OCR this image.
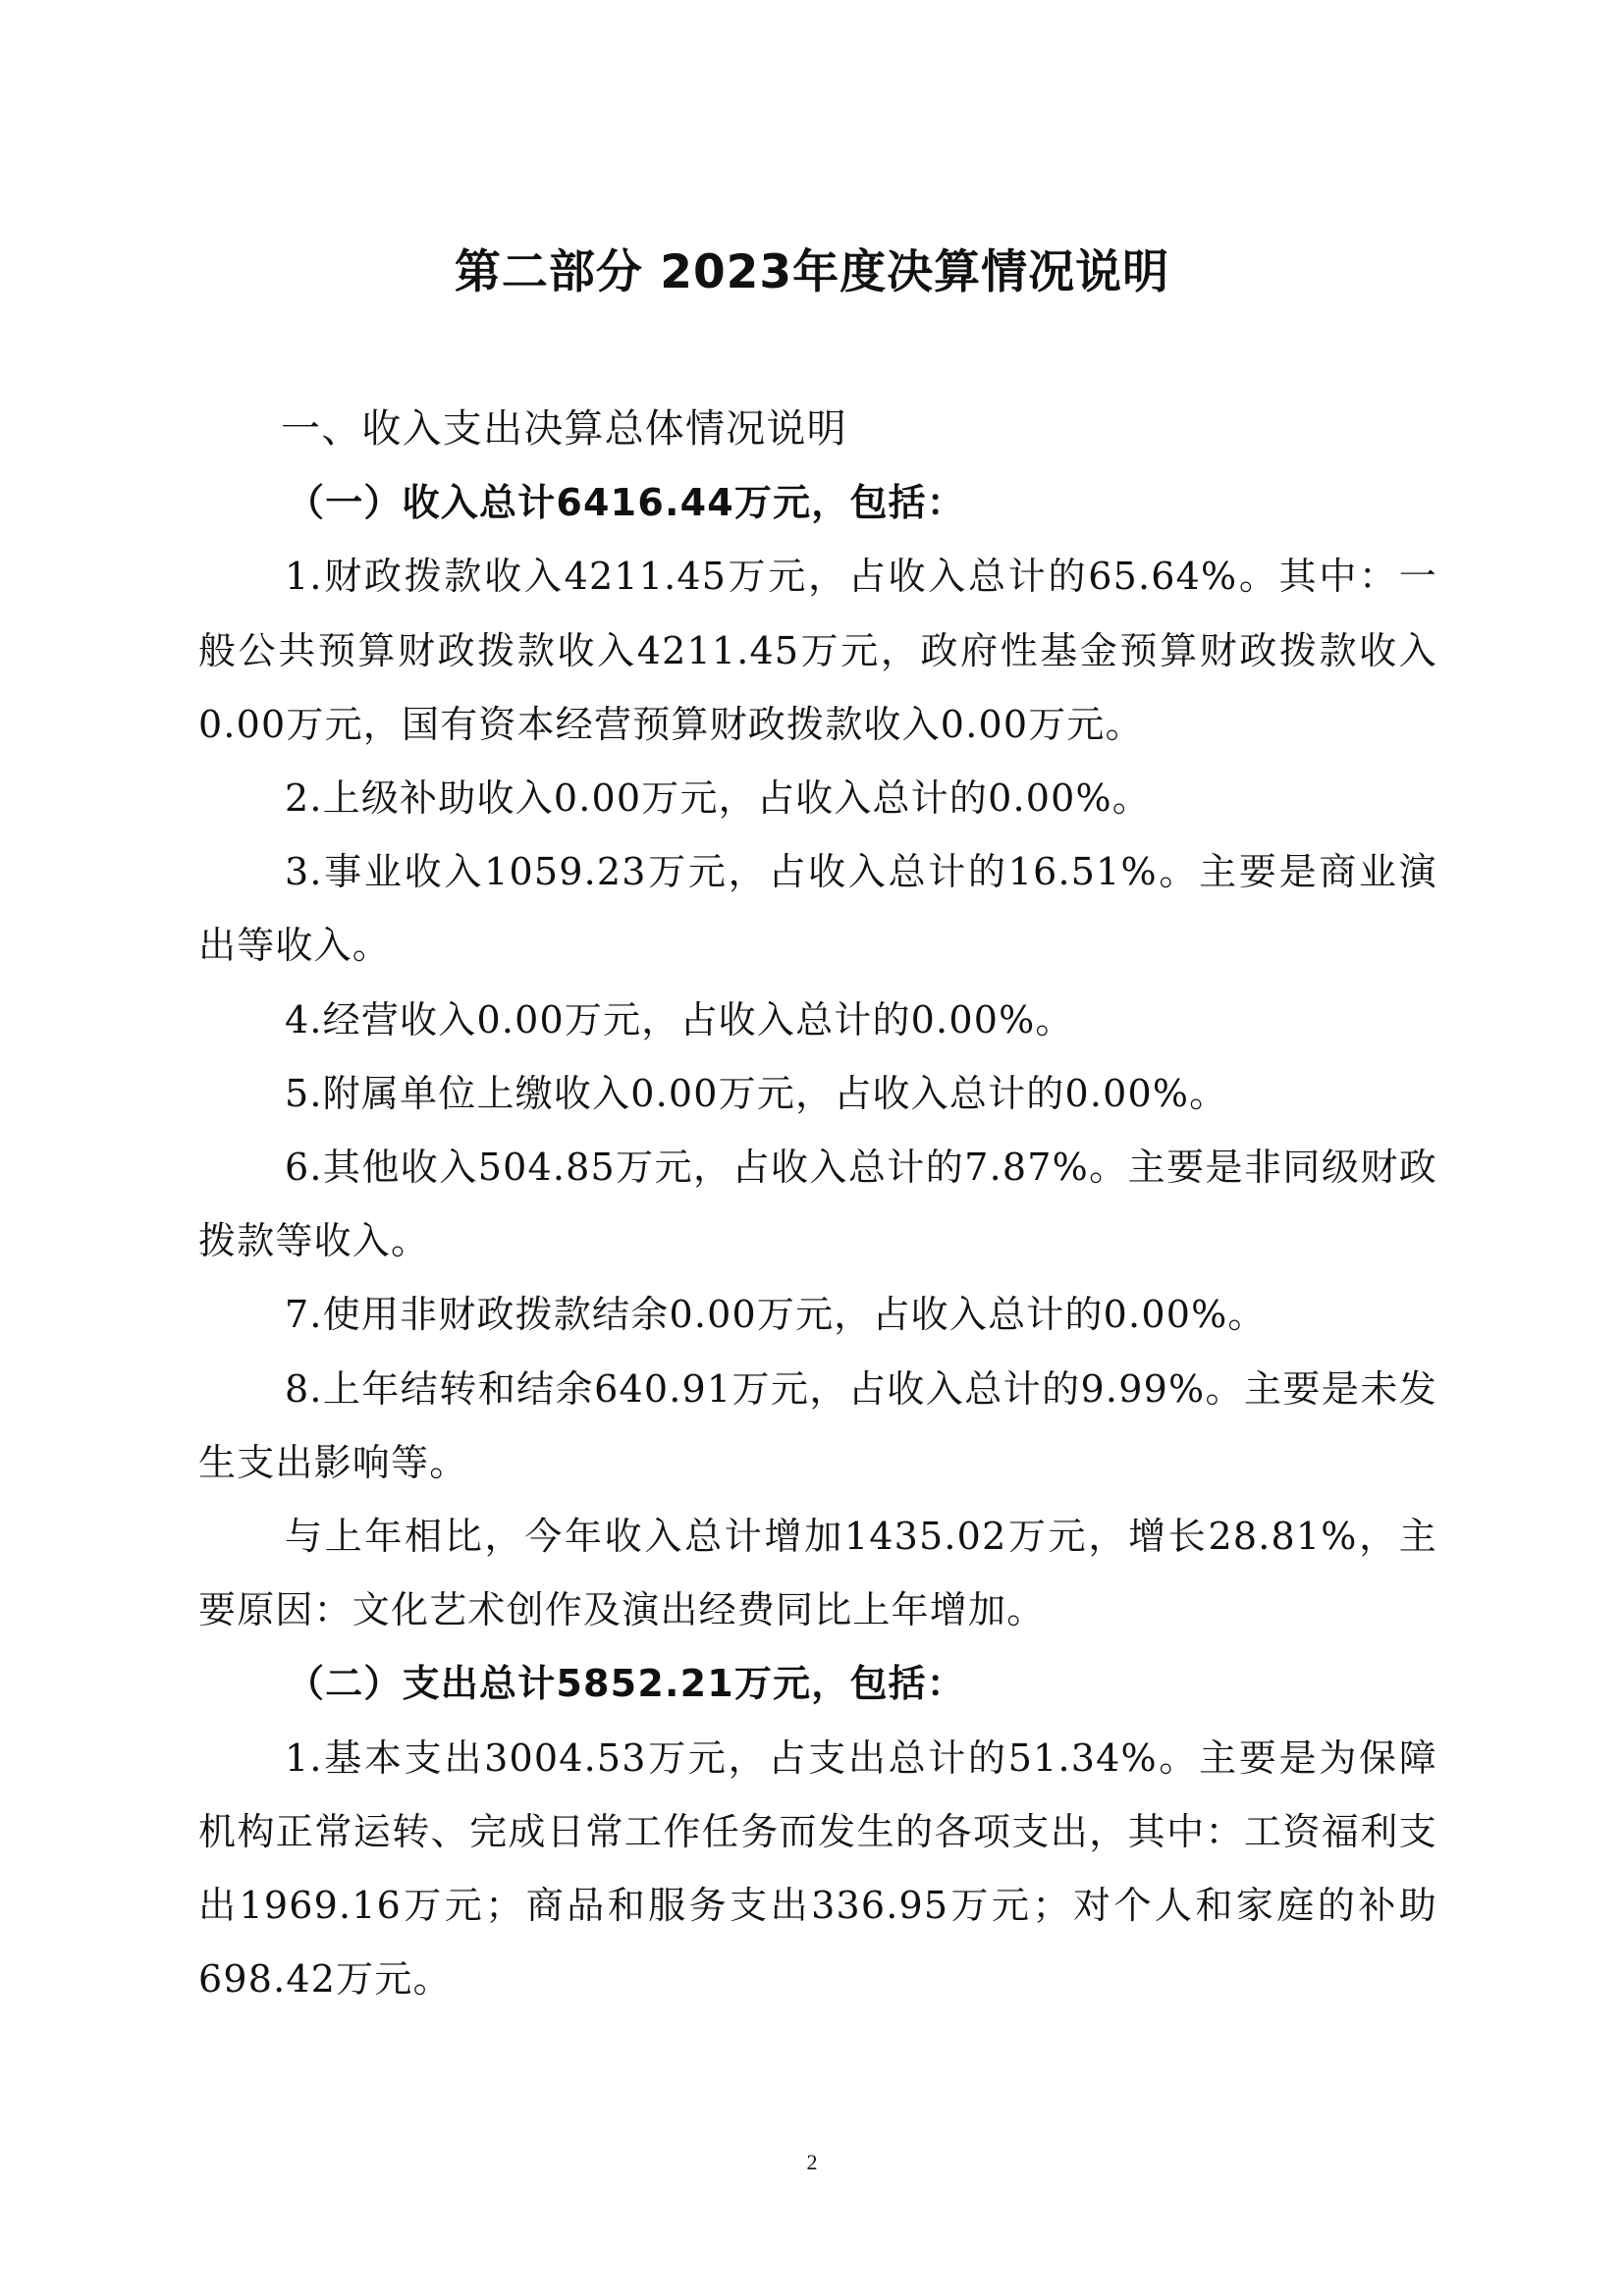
第二部分 2023年度决算情况说明

一、收入支出决算总体情况说明

（一）收入总计6416.44万元，包括：

1.财政拨款收入4211.45万元，占收入总计的65.64%。其中：一般公共预算财政拨款收入4211.45万元，政府性基金预算财政拨款收入0.00万元，国有资本经营预算财政拨款收入0.00万元。

2.上级补助收入0.00万元，占收入总计的0.00%。

3.事业收入1059.23万元，占收入总计的16.51%。主要是商业演出等收入。

4.经营收入0.00万元，占收入总计的0.00%。

5.附属单位上缴收入0.00万元，占收入总计的0.00%。

6.其他收入504.85万元，占收入总计的7.87%。主要是非同级财政拨款等收入。

7.使用非财政拨款结余0.00万元，占收入总计的0.00%。

8.上年结转和结余640.91万元，占收入总计的9.99%。主要是未发生支出影响等。

与上年相比，今年收入总计增加1435.02万元，增长28.81%，主要原因：文化艺术创作及演出经费同比上年增加。

（二）支出总计5852.21万元，包括：

1.基本支出3004.53万元，占支出总计的51.34%。主要是为保障机构正常运转、完成日常工作任务而发生的各项支出，其中：工资福利支出1969.16万元；商品和服务支出336.95万元；对个人和家庭的补助698.42万元。

2
